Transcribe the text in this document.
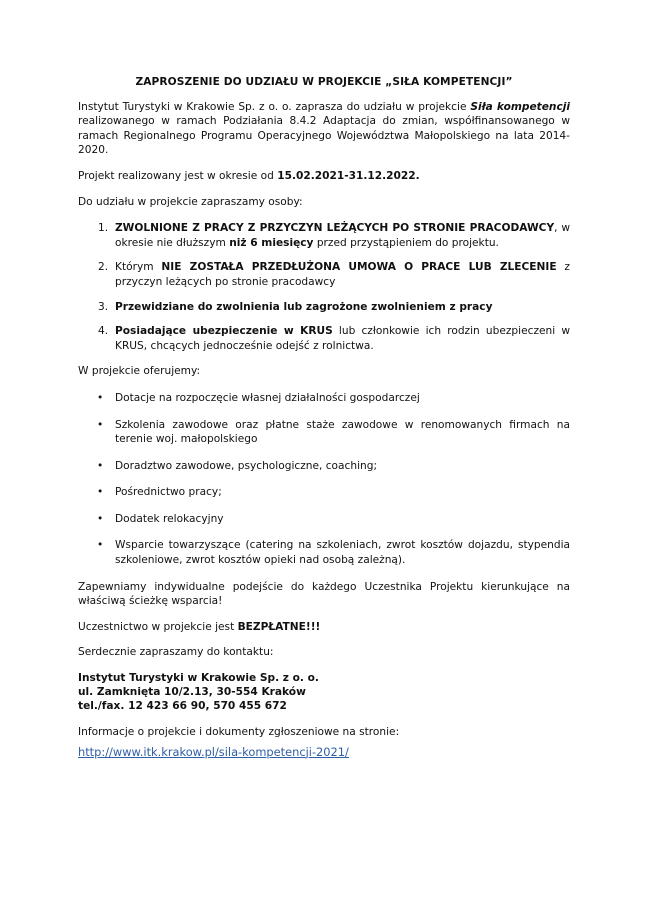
ZAPROSZENIE DO UDZIAŁU W PROJEKCIE „SIŁA KOMPETENCJI”

Instytut Turystyki w Krakowie Sp. z o. o. zaprasza do udziału w projekcie Siła kompetencji realizowanego w ramach Podziałania 8.4.2 Adaptacja do zmian, współfinansowanego w ramach Regionalnego Programu Operacyjnego Województwa Małopolskiego na lata 2014-2020.

Projekt realizowany jest w okresie od 15.02.2021-31.12.2022.

Do udziału w projekcie zapraszamy osoby:

1. ZWOLNIONE Z PRACY Z PRZYCZYN LEŻĄCYCH PO STRONIE PRACODAWCY, w okresie nie dłuższym niż 6 miesięcy przed przystąpieniem do projektu.
2. Którym NIE ZOSTAŁA PRZEDŁUŻONA UMOWA O PRACE LUB ZLECENIE z przyczyn leżących po stronie pracodawcy
3. Przewidziane do zwolnienia lub zagrożone zwolnieniem z pracy
4. Posiadające ubezpieczenie w KRUS lub członkowie ich rodzin ubezpieczeni w KRUS, chcących jednocześnie odejść z rolnictwa.

W projekcie oferujemy:

• Dotacje na rozpoczęcie własnej działalności gospodarczej
• Szkolenia zawodowe oraz płatne staże zawodowe w renomowanych firmach na terenie woj. małopolskiego
• Doradztwo zawodowe, psychologiczne, coaching;
• Pośrednictwo pracy;
• Dodatek relokacyjny
• Wsparcie towarzyszące (catering na szkoleniach, zwrot kosztów dojazdu, stypendia szkoleniowe, zwrot kosztów opieki nad osobą zależną).

Zapewniamy indywidualne podejście do każdego Uczestnika Projektu kierunkujące na właściwą ścieżkę wsparcia!

Uczestnictwo w projekcie jest BEZPŁATNE!!!

Serdecznie zapraszamy do kontaktu:

Instytut Turystyki w Krakowie Sp. z o. o.
ul. Zamknięta 10/2.13, 30-554 Kraków
tel./fax. 12 423 66 90, 570 455 672

Informacje o projekcie i dokumenty zgłoszeniowe na stronie:

http://www.itk.krakow.pl/sila-kompetencji-2021/
